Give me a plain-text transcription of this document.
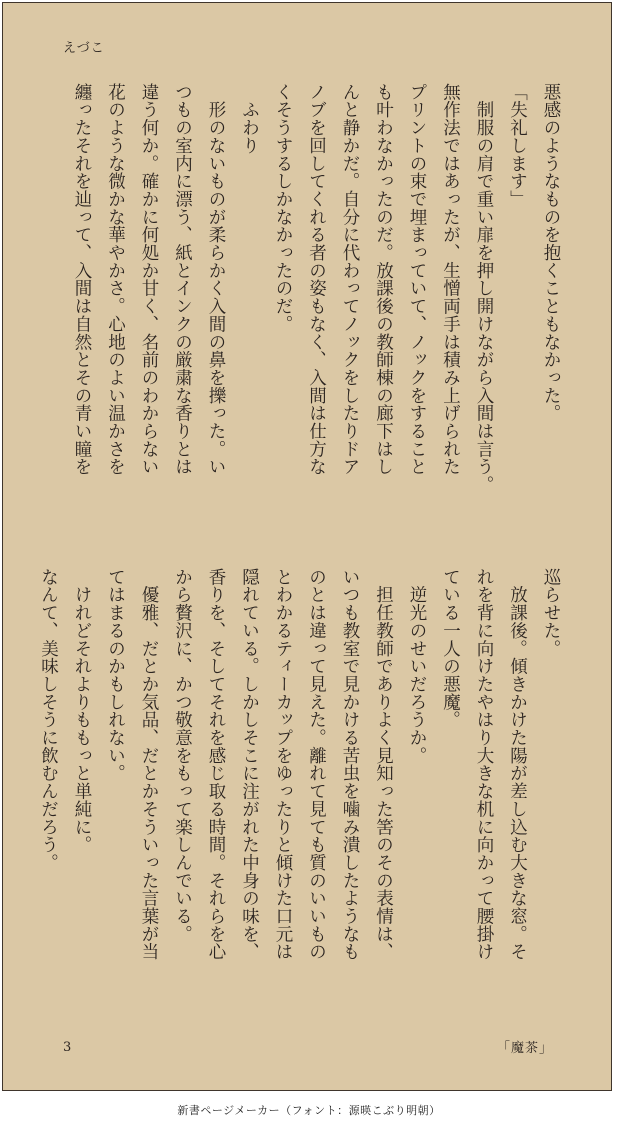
えづこ

悪感のようなものを抱くこともなかった。

「失礼します」

　制服の肩で重い扉を押し開けながら入間は言う。

無作法ではあったが、生憎両手は積み上げられた

プリントの束で埋まっていて、ノックをすること

も叶わなかったのだ。放課後の教師棟の廊下はし

んと静かだ。自分に代わってノックをしたりドア

ノブを回してくれる者の姿もなく、入間は仕方な

くそうするしかなかったのだ。

　ふわり

　形のないものが柔らかく入間の鼻を擽った。い

つもの室内に漂う、紙とインクの厳粛な香りとは

違う何か。確かに何処か甘く、名前のわからない

花のような微かな華やかさ。心地のよい温かさを

纏ったそれを辿って、入間は自然とその青い瞳を

巡らせた。

　放課後。傾きかけた陽が差し込む大きな窓。そ

れを背に向けたやはり大きな机に向かって腰掛け

ている一人の悪魔。

　逆光のせいだろうか。

　担任教師でありよく見知った筈のその表情は、

いつも教室で見かける苦虫を噛み潰したようなも

のとは違って見えた。離れて見ても質のいいもの

とわかるティーカップをゆったりと傾けた口元は

隠れている。しかしそこに注がれた中身の味を、

香りを、そしてそれを感じ取る時間。それらを心

から贅沢に、かつ敬意をもって楽しんでいる。

　優雅、だとか気品、だとかそういった言葉が当

てはまるのかもしれない。

　けれどそれよりももっと単純に。

なんて、美味しそうに飲むんだろう。

3	「魔茶」
新書ページメーカー（フォント：源暎こぶり明朝）
